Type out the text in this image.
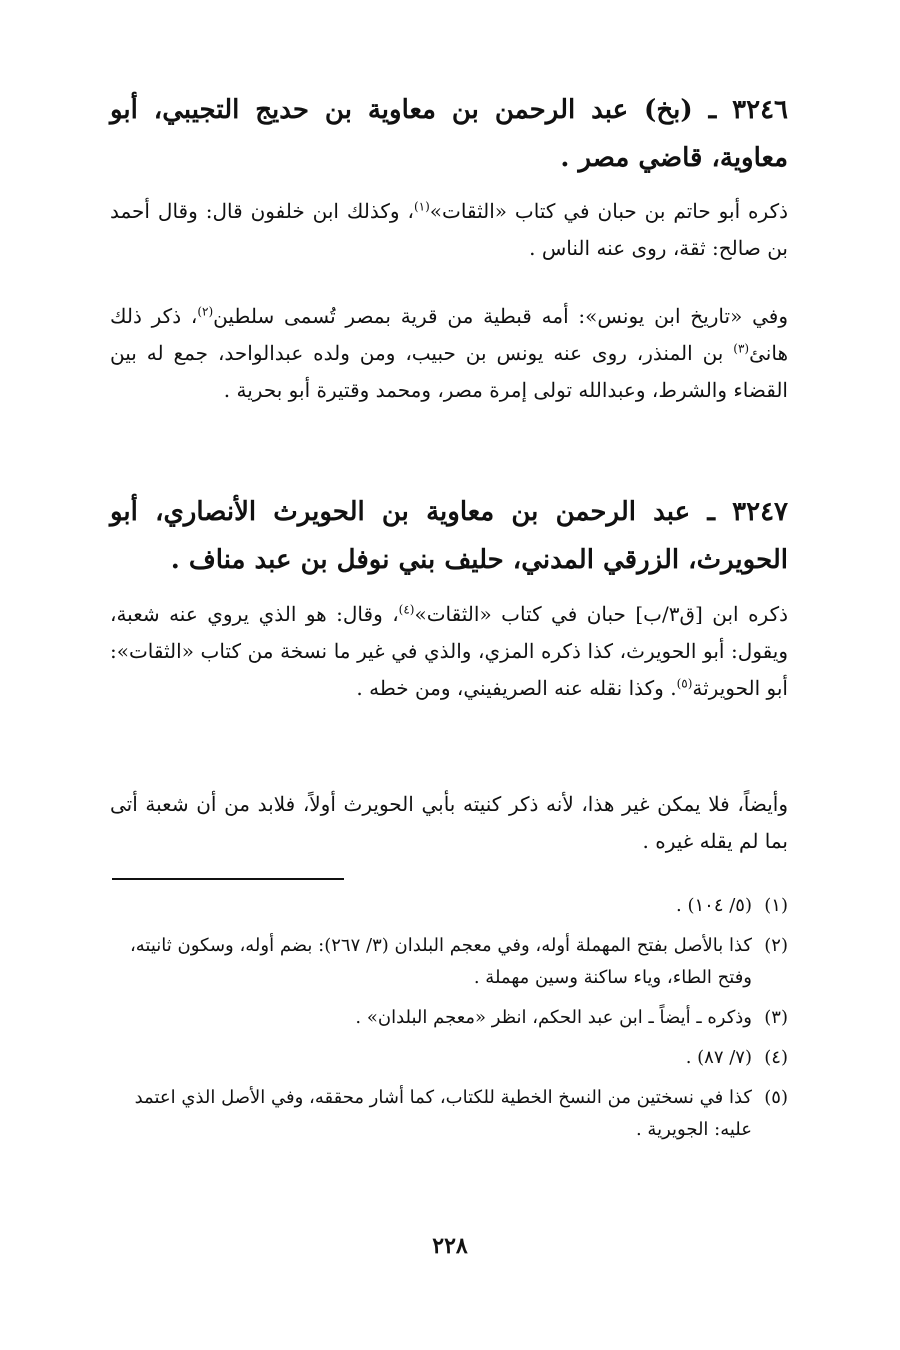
٣٢٤٦ ـ (بخ) عبد الرحمن بن معاوية بن حديج التجيبي، أبو معاوية، قاضي مصر .
ذكره أبو حاتم بن حبان في كتاب «الثقات»$^{(١)}$، وكذلك ابن خلفون قال: وقال أحمد بن صالح: ثقة، روى عنه الناس .
وفي «تاريخ ابن يونس»: أمه قبطية من قرية بمصر تُسمى سلطين$^{(٢)}$، ذكر ذلك هانئ$^{(٣)}$ بن المنذر، روى عنه يونس بن حبيب، ومن ولده عبدالواحد، جمع له بين القضاء والشرط، وعبدالله تولى إمرة مصر، ومحمد وقتيرة أبو بحرية .
٣٢٤٧ ـ عبد الرحمن بن معاوية بن الحويرث الأنصاري، أبو الحويرث، الزرقي المدني، حليف بني نوفل بن عبد مناف .
ذكره ابن [ق٣/ب] حبان في كتاب «الثقات»$^{(٤)}$، وقال: هو الذي يروي عنه شعبة، ويقول: أبو الحويرث، كذا ذكره المزي، والذي في غير ما نسخة من كتاب «الثقات»: أبو الحويرثة$^{(٥)}$. وكذا نقله عنه الصريفيني، ومن خطه .
وأيضاً، فلا يمكن غير هذا، لأنه ذكر كنيته بأبي الحويرث أولاً، فلابد من أن شعبة أتى بما لم يقله غيره .
(١)(٥/ ١٠٤) .
(٢)كذا بالأصل بفتح المهملة أوله، وفي معجم البلدان (٣/ ٢٦٧): بضم أوله، وسكون ثانيته، وفتح الطاء، وياء ساكنة وسين مهملة .
(٣)وذكره ـ أيضاً ـ ابن عبد الحكم، انظر «معجم البلدان» .
(٤)(٧/ ٨٧) .
(٥)كذا في نسختين من النسخ الخطية للكتاب، كما أشار محققه، وفي الأصل الذي اعتمد عليه: الجويرية .
٢٢٨
